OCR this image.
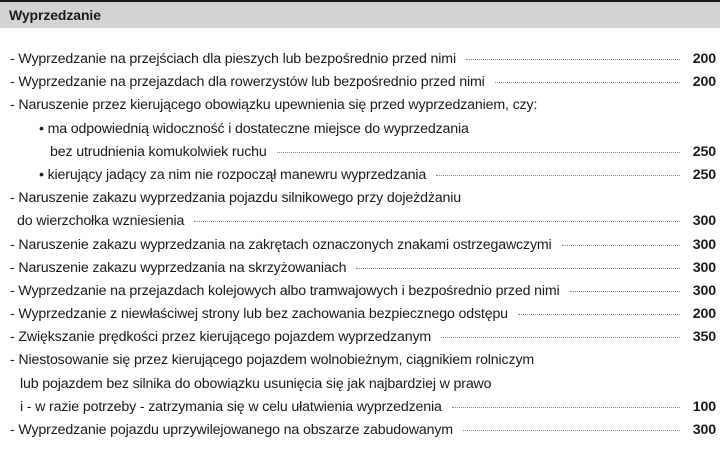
Wyprzedzanie
- Wyprzedzanie na przejściach dla pieszych lub bezpośrednio przed nimi	200
- Wyprzedzanie na przejazdach dla rowerzystów lub bezpośrednio przed nimi	200
- Naruszenie przez kierującego obowiązku upewnienia się przed wyprzedzaniem, czy:
• ma odpowiednią widoczność i dostateczne miejsce do wyprzedzania
bez utrudnienia komukolwiek ruchu	250
• kierujący jadący za nim nie rozpoczął manewru wyprzedzania	250
- Naruszenie zakazu wyprzedzania pojazdu silnikowego przy dojeżdżaniu
do wierzchołka wzniesienia	300
- Naruszenie zakazu wyprzedzania na zakrętach oznaczonych znakami ostrzegawczymi	300
- Naruszenie zakazu wyprzedzania na skrzyżowaniach	300
- Wyprzedzanie na przejazdach kolejowych albo tramwajowych i bezpośrednio przed nimi	300
- Wyprzedzanie z niewłaściwej strony lub bez zachowania bezpiecznego odstępu	200
- Zwiększanie prędkości przez kierującego pojazdem wyprzedzanym	350
- Niestosowanie się przez kierującego pojazdem wolnobieżnym, ciągnikiem rolniczym
lub pojazdem bez silnika do obowiązku usunięcia się jak najbardziej w prawo
i - w razie potrzeby - zatrzymania się w celu ułatwienia wyprzedzenia	100
- Wyprzedzanie pojazdu uprzywilejowanego na obszarze zabudowanym	300
